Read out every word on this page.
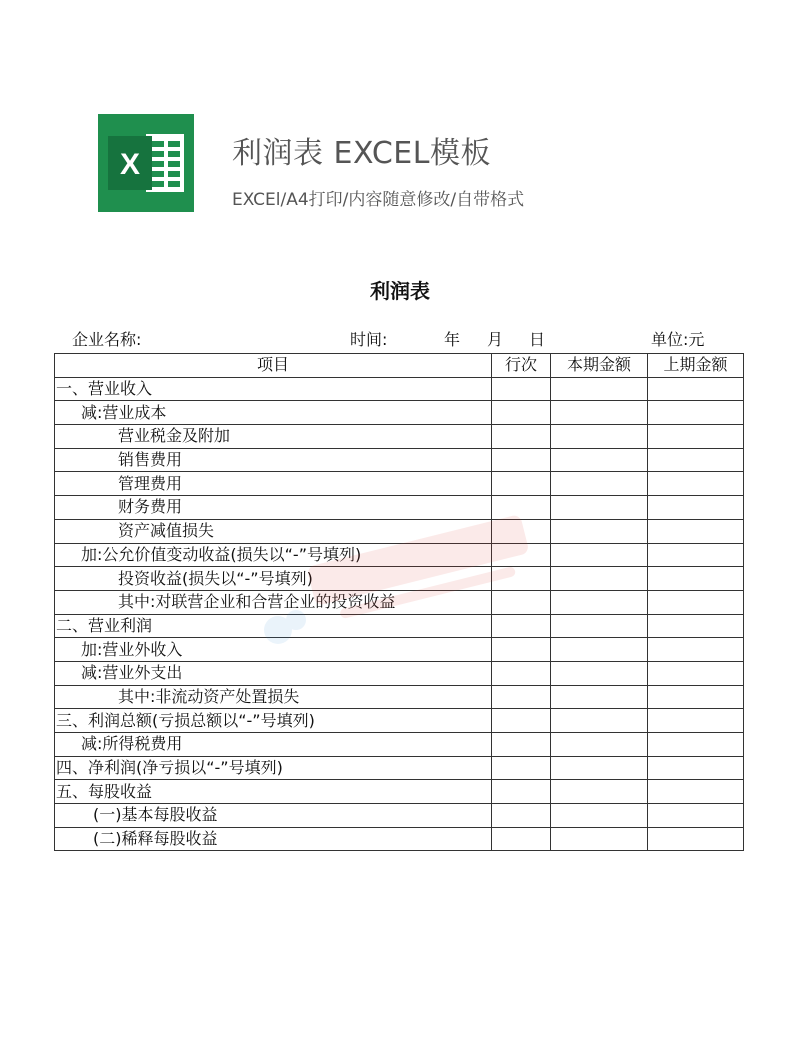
X	利润表 EXCEL模板
EXCEl/A4打印/内容随意修改/自带格式
利润表
企业名称:	时间:	年 月 日	单位:元
项目	行次	本期金额	上期金额
一、营业收入			
减:营业成本			
营业税金及附加			
销售费用			
管理费用			
财务费用			
资产减值损失			
加:公允价值变动收益(损失以“-”号填列)			
投资收益(损失以“-”号填列)			
其中:对联营企业和合营企业的投资收益			
二、营业利润			
加:营业外收入			
减:营业外支出			
其中:非流动资产处置损失			
三、利润总额(亏损总额以“-”号填列)			
减:所得税费用			
四、净利润(净亏损以“-”号填列)			
五、每股收益			
(一)基本每股收益			
(二)稀释每股收益			
